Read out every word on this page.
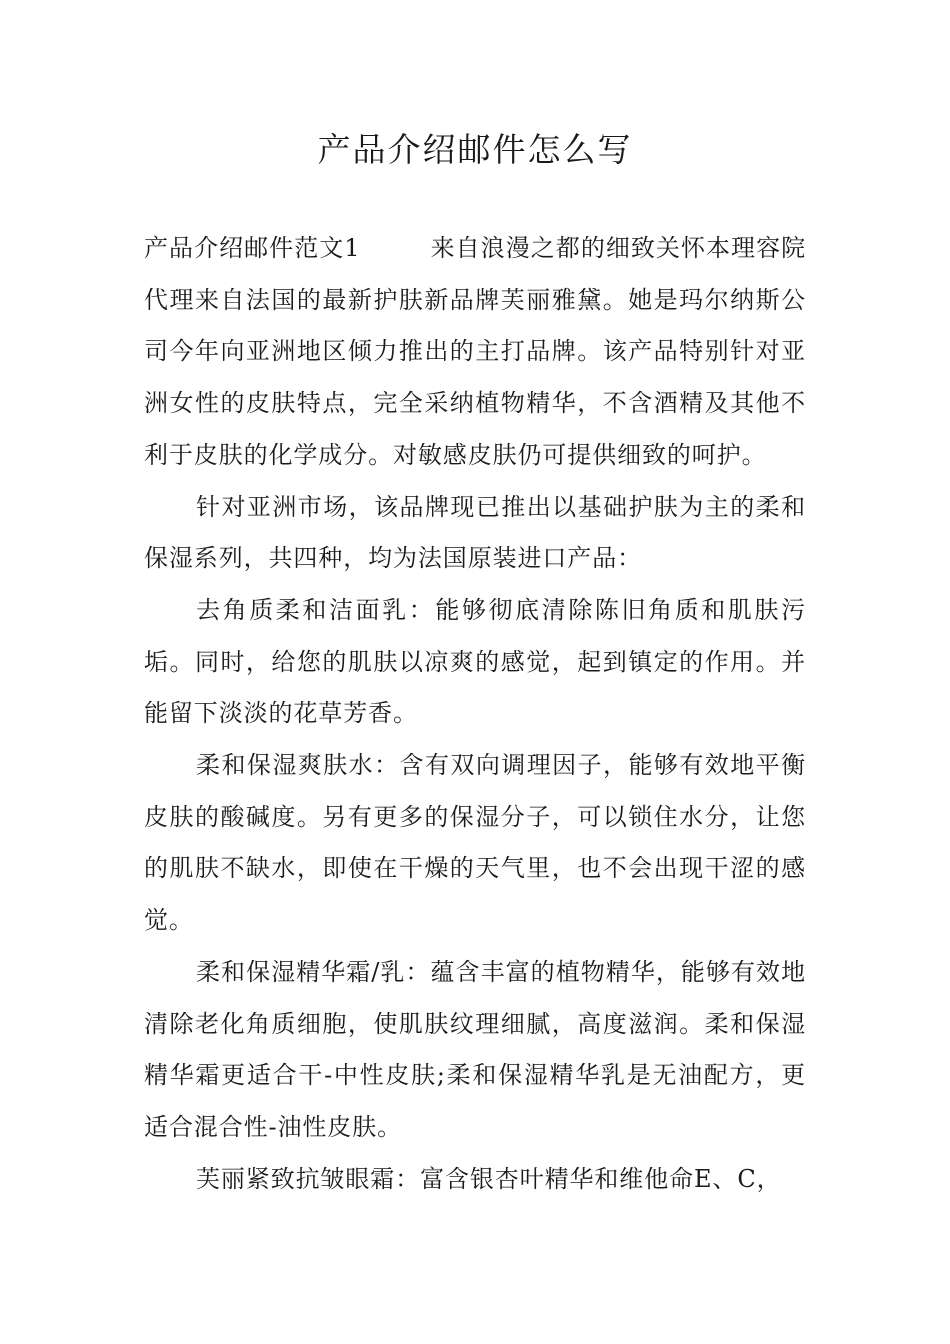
产品介绍邮件怎么写

产品介绍邮件范文1	来自浪漫之都的细致关怀本理容院代理来自法国的最新护肤新品牌芙丽雅黛。她是玛尔纳斯公司今年向亚洲地区倾力推出的主打品牌。该产品特别针对亚洲女性的皮肤特点，完全采纳植物精华，不含酒精及其他不利于皮肤的化学成分。对敏感皮肤仍可提供细致的呵护。

针对亚洲市场，该品牌现已推出以基础护肤为主的柔和保湿系列，共四种，均为法国原装进口产品：

去角质柔和洁面乳：能够彻底清除陈旧角质和肌肤污垢。同时，给您的肌肤以凉爽的感觉，起到镇定的作用。并能留下淡淡的花草芳香。

柔和保湿爽肤水：含有双向调理因子，能够有效地平衡皮肤的酸碱度。另有更多的保湿分子，可以锁住水分，让您的肌肤不缺水，即使在干燥的天气里，也不会出现干涩的感觉。

柔和保湿精华霜/乳：蕴含丰富的植物精华，能够有效地清除老化角质细胞，使肌肤纹理细腻，高度滋润。柔和保湿精华霜更适合干-中性皮肤;柔和保湿精华乳是无油配方，更适合混合性-油性皮肤。

芙丽紧致抗皱眼霜：富含银杏叶精华和维他命E、C，
